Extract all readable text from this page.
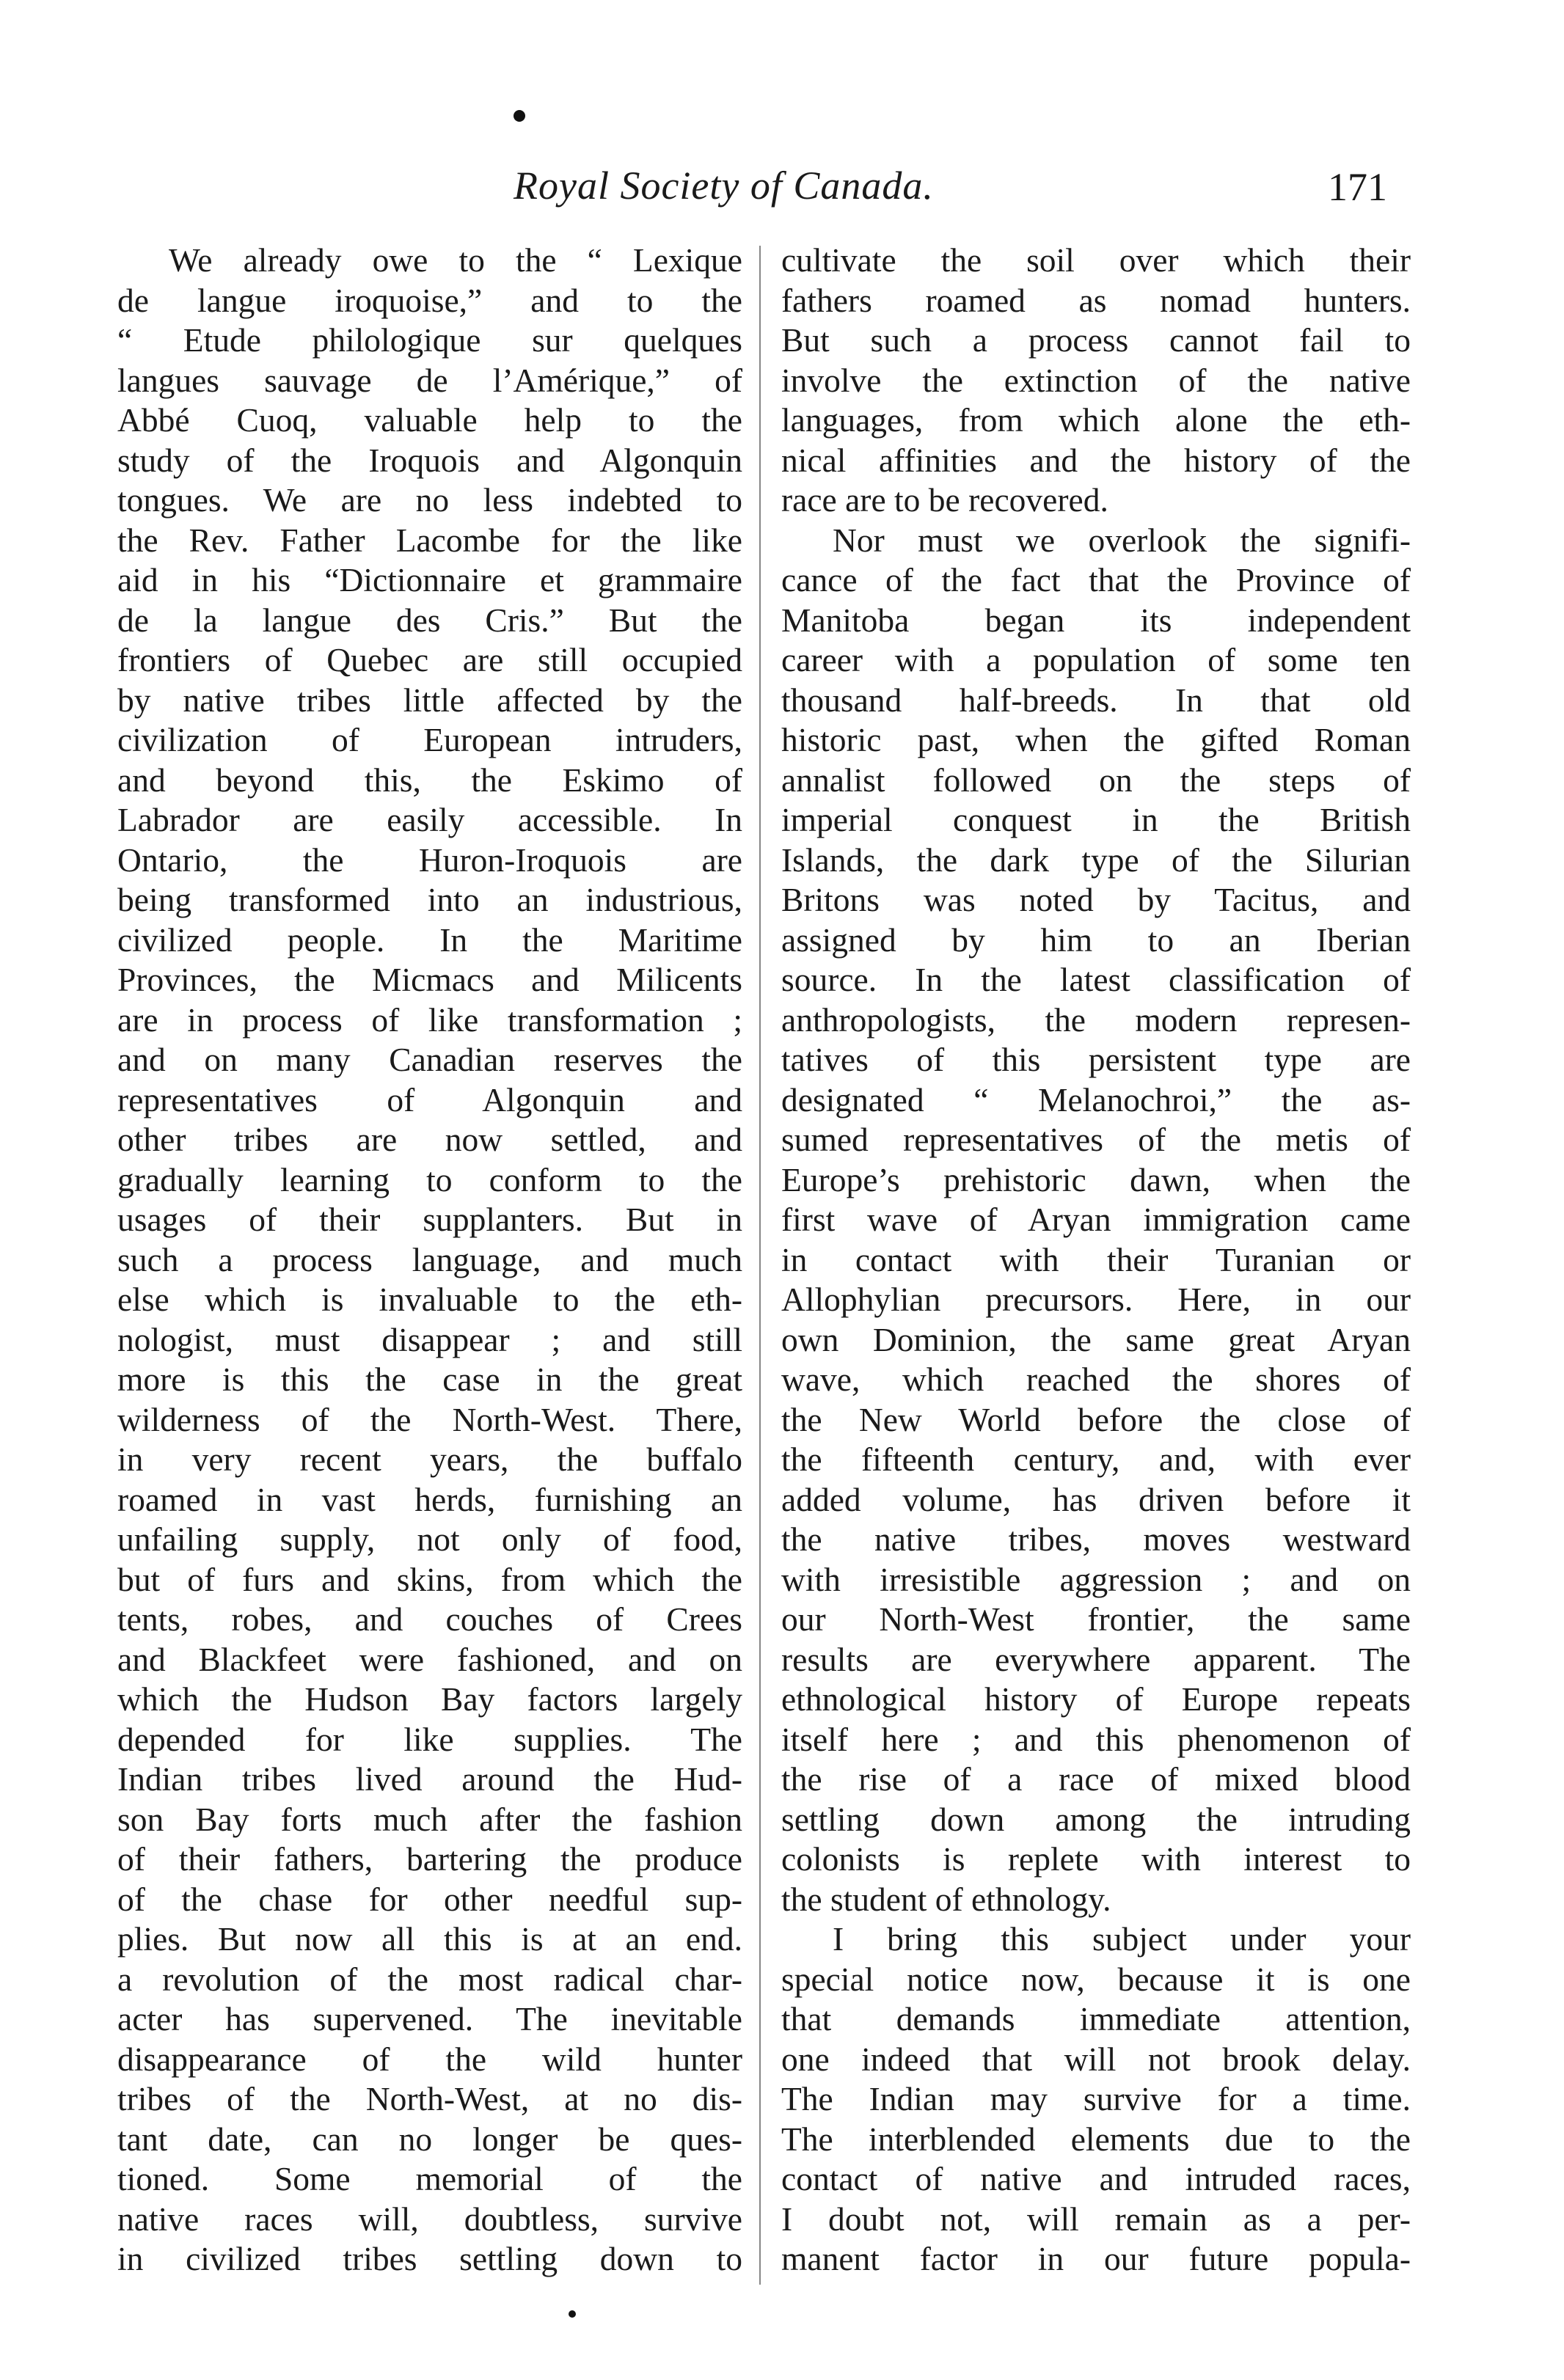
Royal Society of Canada.	171
We already owe to the “ Lexique
de langue iroquoise,” and to the
“ Etude philologique sur quelques
langues sauvage de l’Amérique,” of
Abbé Cuoq, valuable help to the
study of the Iroquois and Algonquin
tongues. We are no less indebted to
the Rev. Father Lacombe for the like
aid in his “Dictionnaire et grammaire
de la langue des Cris.” But the
frontiers of Quebec are still occupied
by native tribes little affected by the
civilization of European intruders,
and beyond this, the Eskimo of
Labrador are easily accessible. In
Ontario, the Huron-Iroquois are
being transformed into an industrious,
civilized people. In the Maritime
Provinces, the Micmacs and Milicents
are in process of like transformation ;
and on many Canadian reserves the
representatives of Algonquin and
other tribes are now settled, and
gradually learning to conform to the
usages of their supplanters. But in
such a process language, and much
else which is invaluable to the eth-
nologist, must disappear ; and still
more is this the case in the great
wilderness of the North-West. There,
in very recent years, the buffalo
roamed in vast herds, furnishing an
unfailing supply, not only of food,
but of furs and skins, from which the
tents, robes, and couches of Crees
and Blackfeet were fashioned, and on
which the Hudson Bay factors largely
depended for like supplies. The
Indian tribes lived around the Hud-
son Bay forts much after the fashion
of their fathers, bartering the produce
of the chase for other needful sup-
plies. But now all this is at an end.
a revolution of the most radical char-
acter has supervened. The inevitable
disappearance of the wild hunter
tribes of the North-West, at no dis-
tant date, can no longer be ques-
tioned. Some memorial of the
native races will, doubtless, survive
in civilized tribes settling down to
cultivate the soil over which their
fathers roamed as nomad hunters.
But such a process cannot fail to
involve the extinction of the native
languages, from which alone the eth-
nical affinities and the history of the
race are to be recovered.
Nor must we overlook the signifi-
cance of the fact that the Province of
Manitoba began its independent
career with a population of some ten
thousand half-breeds. In that old
historic past, when the gifted Roman
annalist followed on the steps of
imperial conquest in the British
Islands, the dark type of the Silurian
Britons was noted by Tacitus, and
assigned by him to an Iberian
source. In the latest classification of
anthropologists, the modern represen-
tatives of this persistent type are
designated “ Melanochroi,” the as-
sumed representatives of the metis of
Europe’s prehistoric dawn, when the
first wave of Aryan immigration came
in contact with their Turanian or
Allophylian precursors. Here, in our
own Dominion, the same great Aryan
wave, which reached the shores of
the New World before the close of
the fifteenth century, and, with ever
added volume, has driven before it
the native tribes, moves westward
with irresistible aggression ; and on
our North-West frontier, the same
results are everywhere apparent. The
ethnological history of Europe repeats
itself here ; and this phenomenon of
the rise of a race of mixed blood
settling down among the intruding
colonists is replete with interest to
the student of ethnology.
I bring this subject under your
special notice now, because it is one
that demands immediate attention,
one indeed that will not brook delay.
The Indian may survive for a time.
The interblended elements due to the
contact of native and intruded races,
I doubt not, will remain as a per-
manent factor in our future popula-
